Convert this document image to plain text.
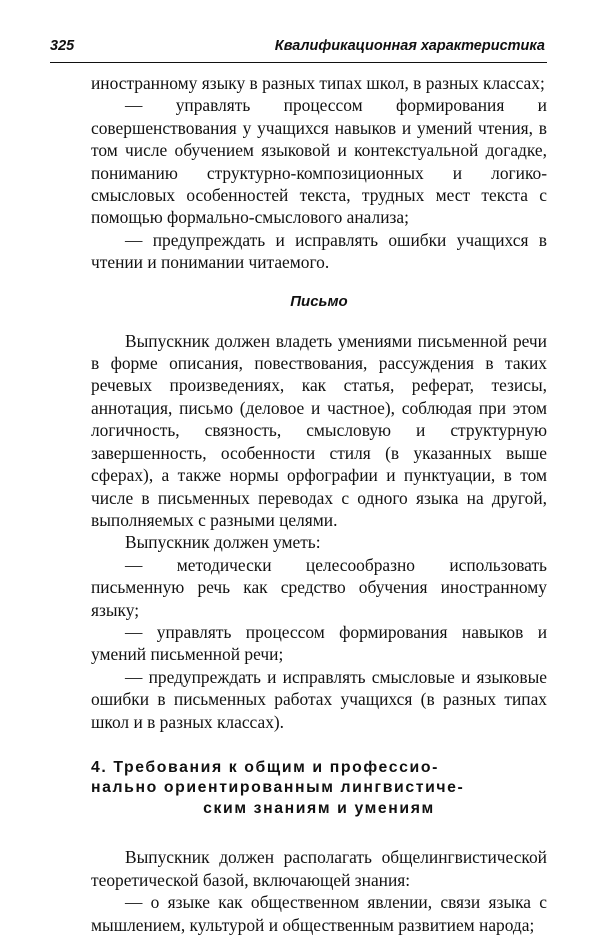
325	Квалификационная характеристика

иностранному языку в разных типах школ, в разных классах;

— управлять процессом формирования и совершенствования у учащихся навыков и умений чтения, в том числе обучением языковой и контекстуальной догадке, пониманию структурно-композиционных и логико-смысловых особенностей текста, трудных мест текста с помощью формально-смыслового анализа;

— предупреждать и исправлять ошибки учащихся в чтении и понимании читаемого.

Письмо

Выпускник должен владеть умениями письменной речи в форме описания, повествования, рассуждения в таких речевых произведениях, как статья, реферат, тезисы, аннотация, письмо (деловое и частное), соблюдая при этом логичность, связность, смысловую и структурную завершенность, особенности стиля (в указанных выше сферах), а также нормы орфографии и пунктуации, в том числе в письменных переводах с одного языка на другой, выполняемых с разными целями.

Выпускник должен уметь:

— методически целесообразно использовать письменную речь как средство обучения иностранному языку;

— управлять процессом формирования навыков и умений письменной речи;

— предупреждать и исправлять смысловые и языковые ошибки в письменных работах учащихся (в разных типах школ и в разных классах).

4. Требования к общим и профессио-
нально ориентированным лингвистиче-
ским знаниям и умениям

Выпускник должен располагать общелингвистической теоретической базой, включающей знания:

— о языке как общественном явлении, связи языка с мышлением, культурой и общественным развитием народа;
